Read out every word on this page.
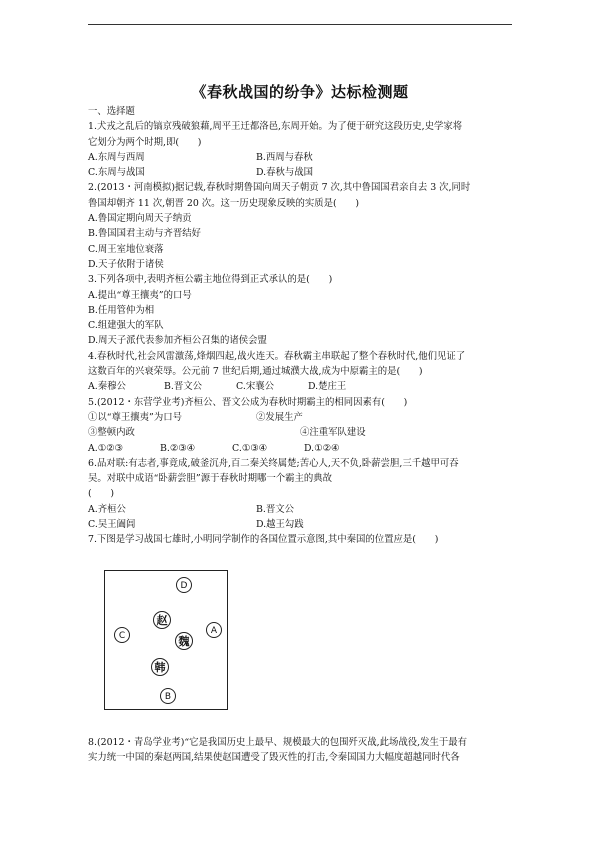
《春秋战国的纷争》达标检测题

一、选择题

1.犬戎之乱后的镐京残破狼藉,周平王迁都洛邑,东周开始。为了便于研究这段历史,史学家将

它划分为两个时期,即(　　)

A.东周与西周	B.西周与春秋

C.东周与战国	D.春秋与战国

2.(2013・河南模拟)据记载,春秋时期鲁国向周天子朝贡 7 次,其中鲁国国君亲自去 3 次,同时

鲁国却朝齐 11 次,朝晋 20 次。这一历史现象反映的实质是(　　)

A.鲁国定期向周天子纳贡

B.鲁国国君主动与齐晋结好

C.周王室地位衰落

D.天子依附于诸侯

3.下列各项中,表明齐桓公霸主地位得到正式承认的是(　　)

A.提出“尊王攘夷”的口号

B.任用管仲为相

C.组建强大的军队

D.周天子派代表参加齐桓公召集的诸侯会盟

4.春秋时代,社会风雷激荡,烽烟四起,战火连天。春秋霸主串联起了整个春秋时代,他们见证了

这数百年的兴衰荣辱。公元前 7 世纪后期,通过城濮大战,成为中原霸主的是(　　)

A.秦穆公	B.晋文公	C.宋襄公	D.楚庄王

5.(2012・东营学业考)齐桓公、晋文公成为春秋时期霸主的相同因素有(　　)

①以“尊王攘夷”为口号	②发展生产

③整顿内政	④注重军队建设

A.①②③	B.②③④	C.①③④	D.①②④

6.品对联:有志者,事竟成,破釜沉舟,百二秦关终属楚;苦心人,天不负,卧薪尝胆,三千越甲可吞

吴。对联中成语“卧薪尝胆”源于春秋时期哪一个霸主的典故

(　　)

A.齐桓公	B.晋文公

C.吴王阖闾	D.越王勾践

7.下图是学习战国七雄时,小明同学制作的各国位置示意图,其中秦国的位置应是(　　)

D
赵
魏
C	A
韩
B

8.(2012・青岛学业考)“它是我国历史上最早、规模最大的包围歼灭战,此场战役,发生于最有

实力统一中国的秦赵两国,结果使赵国遭受了毁灭性的打击,令秦国国力大幅度超越同时代各
